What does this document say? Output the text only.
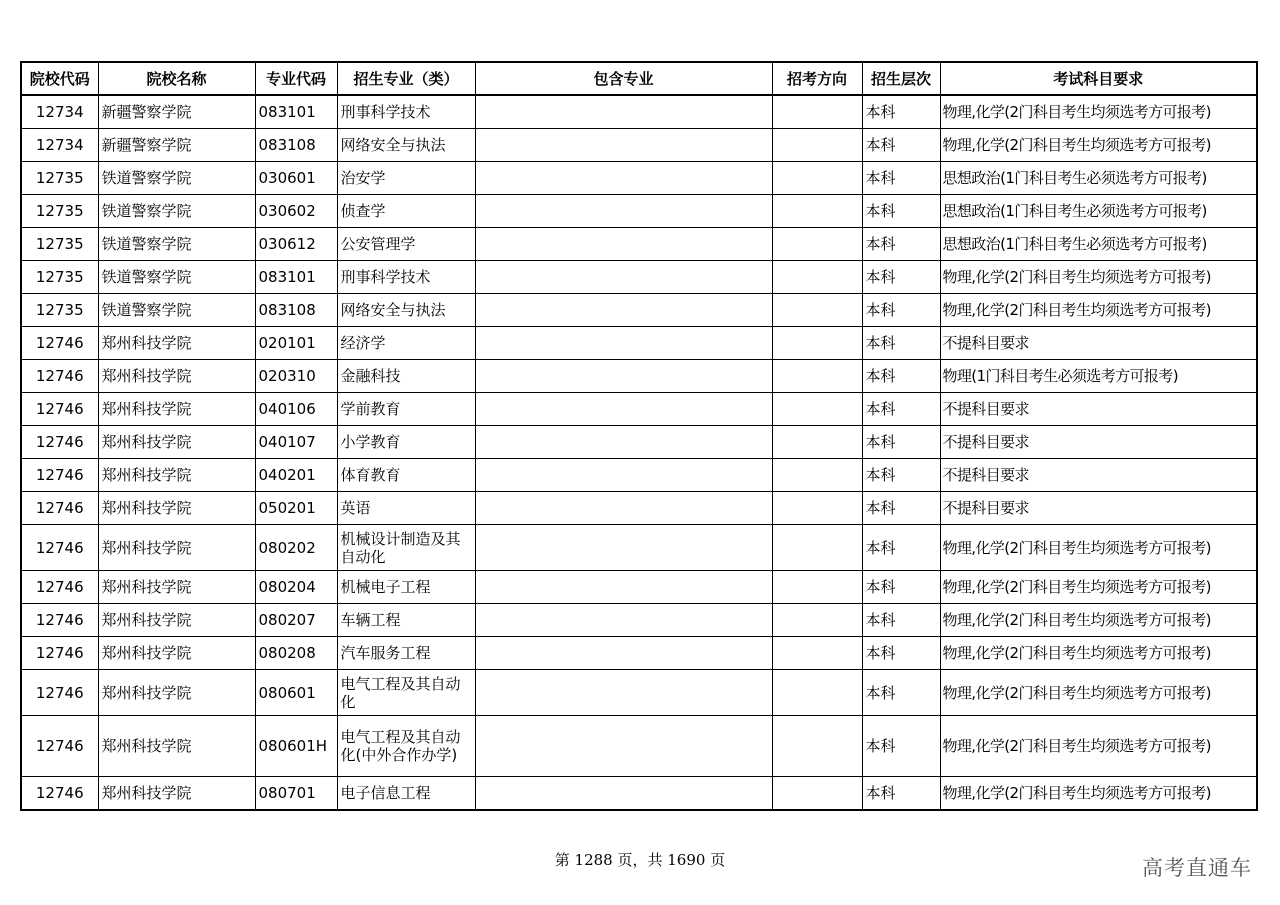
院校代码	院校名称	专业代码	招生专业（类）	包含专业	招考方向	招生层次	考试科目要求
12734	新疆警察学院	083101	刑事科学技术			本科	物理,化学(2门科目考生均须选考方可报考)
12734	新疆警察学院	083108	网络安全与执法			本科	物理,化学(2门科目考生均须选考方可报考)
12735	铁道警察学院	030601	治安学			本科	思想政治(1门科目考生必须选考方可报考)
12735	铁道警察学院	030602	侦查学			本科	思想政治(1门科目考生必须选考方可报考)
12735	铁道警察学院	030612	公安管理学			本科	思想政治(1门科目考生必须选考方可报考)
12735	铁道警察学院	083101	刑事科学技术			本科	物理,化学(2门科目考生均须选考方可报考)
12735	铁道警察学院	083108	网络安全与执法			本科	物理,化学(2门科目考生均须选考方可报考)
12746	郑州科技学院	020101	经济学			本科	不提科目要求
12746	郑州科技学院	020310	金融科技			本科	物理(1门科目考生必须选考方可报考)
12746	郑州科技学院	040106	学前教育			本科	不提科目要求
12746	郑州科技学院	040107	小学教育			本科	不提科目要求
12746	郑州科技学院	040201	体育教育			本科	不提科目要求
12746	郑州科技学院	050201	英语			本科	不提科目要求
12746	郑州科技学院	080202	机械设计制造及其自动化			本科	物理,化学(2门科目考生均须选考方可报考)
12746	郑州科技学院	080204	机械电子工程			本科	物理,化学(2门科目考生均须选考方可报考)
12746	郑州科技学院	080207	车辆工程			本科	物理,化学(2门科目考生均须选考方可报考)
12746	郑州科技学院	080208	汽车服务工程			本科	物理,化学(2门科目考生均须选考方可报考)
12746	郑州科技学院	080601	电气工程及其自动化			本科	物理,化学(2门科目考生均须选考方可报考)
12746	郑州科技学院	080601H	电气工程及其自动化(中外合作办学)			本科	物理,化学(2门科目考生均须选考方可报考)
12746	郑州科技学院	080701	电子信息工程			本科	物理,化学(2门科目考生均须选考方可报考)
第 1288 页，共 1690 页	高考直通车
